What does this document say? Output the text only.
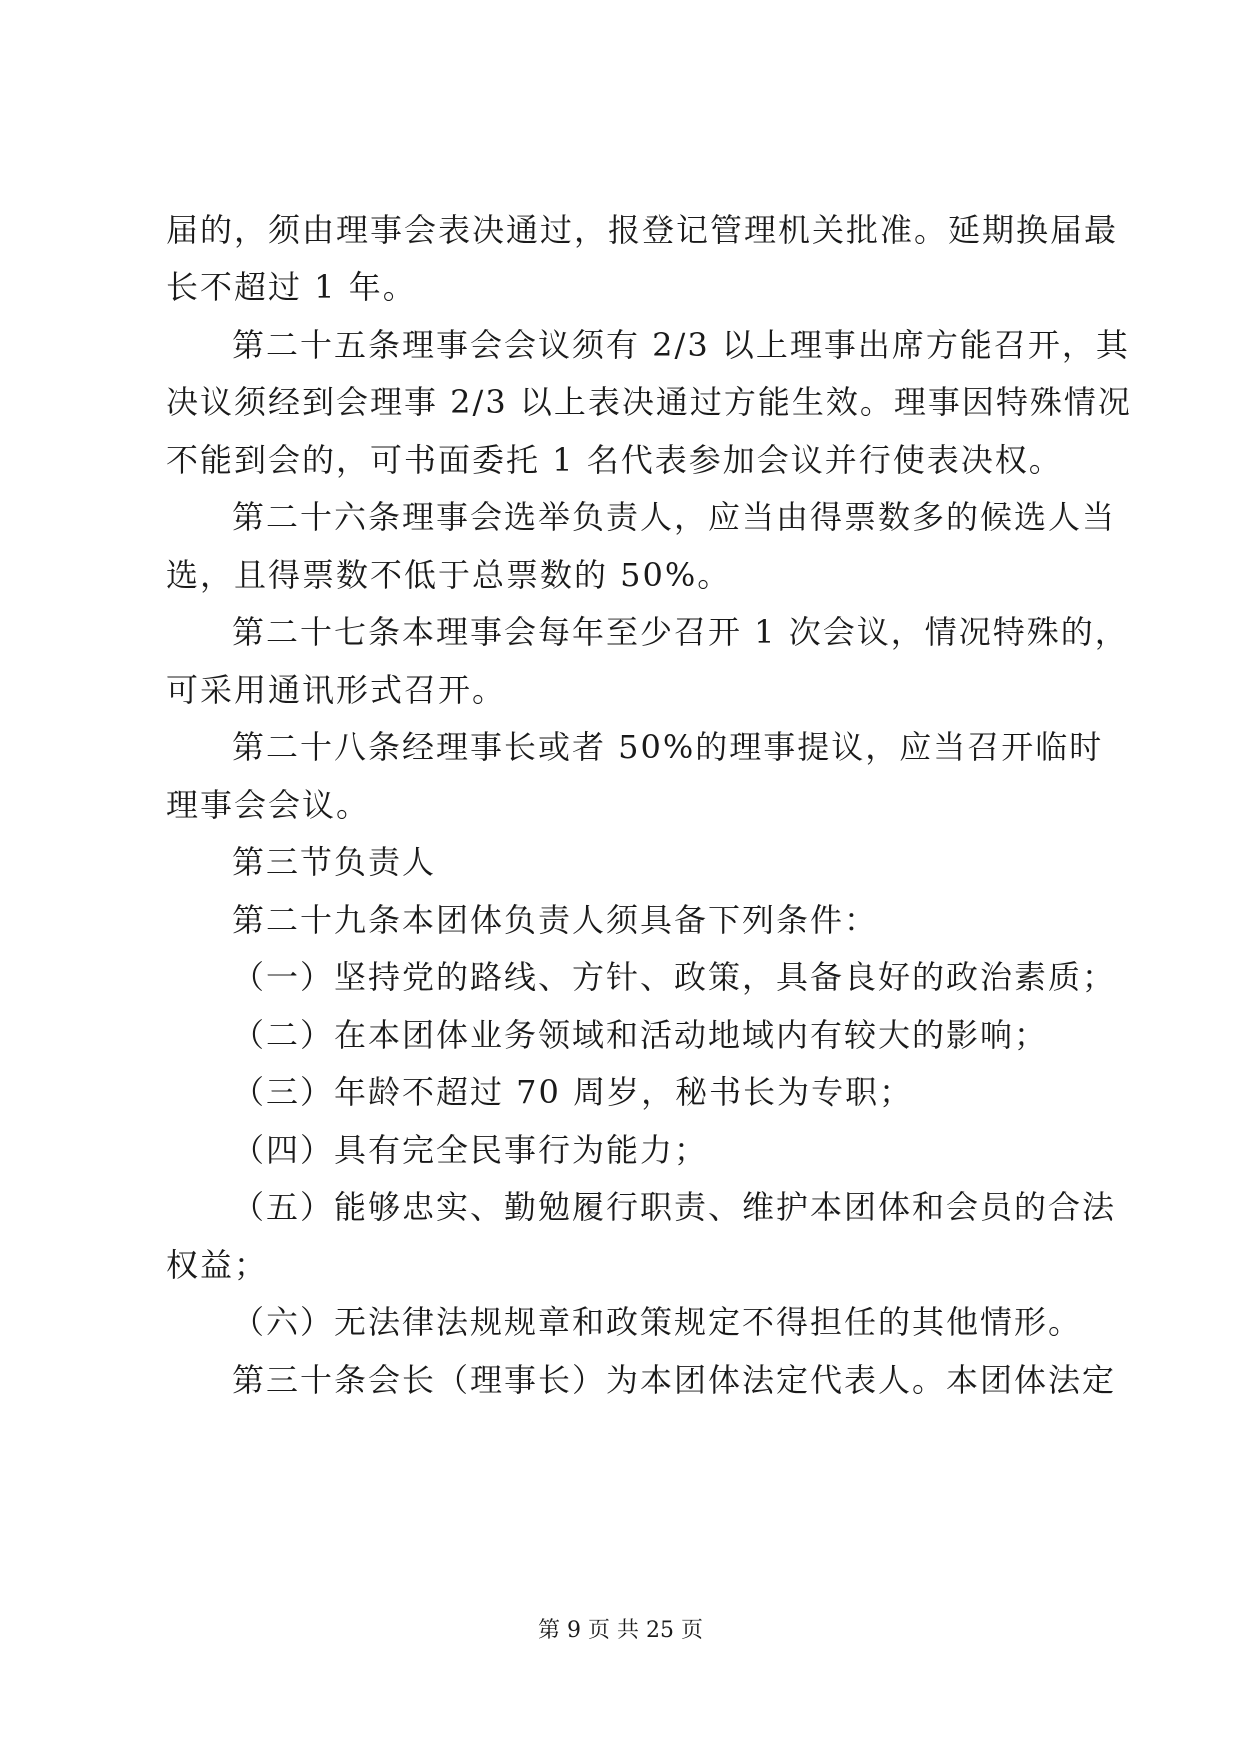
届的，须由理事会表决通过，报登记管理机关批准。延期换届最
长不超过 1 年。
第二十五条理事会会议须有 2/3 以上理事出席方能召开，其
决议须经到会理事 2/3 以上表决通过方能生效。理事因特殊情况
不能到会的，可书面委托 1 名代表参加会议并行使表决权。
第二十六条理事会选举负责人，应当由得票数多的候选人当
选，且得票数不低于总票数的 50%。
第二十七条本理事会每年至少召开 1 次会议，情况特殊的，
可采用通讯形式召开。
第二十八条经理事长或者 50%的理事提议，应当召开临时
理事会会议。
第三节负责人
第二十九条本团体负责人须具备下列条件：
（一）坚持党的路线、方针、政策，具备良好的政治素质；
（二）在本团体业务领域和活动地域内有较大的影响；
（三）年龄不超过 70 周岁，秘书长为专职；
（四）具有完全民事行为能力；
（五）能够忠实、勤勉履行职责、维护本团体和会员的合法
权益；
（六）无法律法规规章和政策规定不得担任的其他情形。
第三十条会长（理事长）为本团体法定代表人。本团体法定
第 9 页 共 25 页
